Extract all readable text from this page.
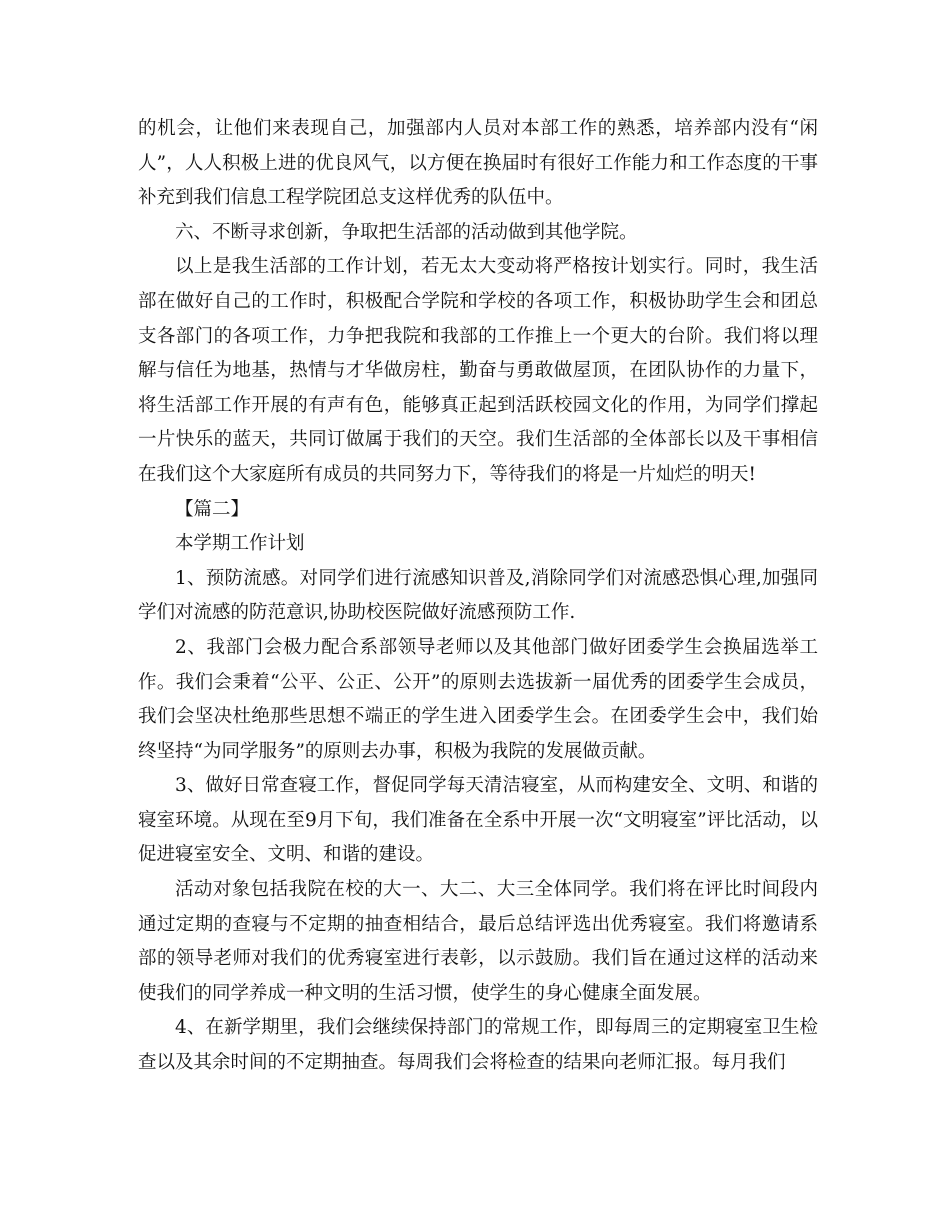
的机会，让他们来表现自己，加强部内人员对本部工作的熟悉，培养部内没有“闲人”，人人积极上进的优良风气，以方便在换届时有很好工作能力和工作态度的干事补充到我们信息工程学院团总支这样优秀的队伍中。

六、不断寻求创新，争取把生活部的活动做到其他学院。

以上是我生活部的工作计划，若无太大变动将严格按计划实行。同时，我生活部在做好自己的工作时，积极配合学院和学校的各项工作，积极协助学生会和团总支各部门的各项工作，力争把我院和我部的工作推上一个更大的台阶。我们将以理解与信任为地基，热情与才华做房柱，勤奋与勇敢做屋顶，在团队协作的力量下，将生活部工作开展的有声有色，能够真正起到活跃校园文化的作用，为同学们撑起一片快乐的蓝天，共同订做属于我们的天空。我们生活部的全体部长以及干事相信在我们这个大家庭所有成员的共同努力下，等待我们的将是一片灿烂的明天!

【篇二】

本学期工作计划

1、预防流感。对同学们进行流感知识普及,消除同学们对流感恐惧心理,加强同学们对流感的防范意识,协助校医院做好流感预防工作.

2、我部门会极力配合系部领导老师以及其他部门做好团委学生会换届选举工作。我们会秉着“公平、公正、公开”的原则去选拔新一届优秀的团委学生会成员，我们会坚决杜绝那些思想不端正的学生进入团委学生会。在团委学生会中，我们始终坚持“为同学服务”的原则去办事，积极为我院的发展做贡献。

3、做好日常查寝工作，督促同学每天清洁寝室，从而构建安全、文明、和谐的寝室环境。从现在至9月下旬，我们准备在全系中开展一次“文明寝室”评比活动，以促进寝室安全、文明、和谐的建设。

活动对象包括我院在校的大一、大二、大三全体同学。我们将在评比时间段内通过定期的查寝与不定期的抽查相结合，最后总结评选出优秀寝室。我们将邀请系部的领导老师对我们的优秀寝室进行表彰，以示鼓励。我们旨在通过这样的活动来使我们的同学养成一种文明的生活习惯，使学生的身心健康全面发展。

4、在新学期里，我们会继续保持部门的常规工作，即每周三的定期寝室卫生检查以及其余时间的不定期抽查。每周我们会将检查的结果向老师汇报。每月我们
